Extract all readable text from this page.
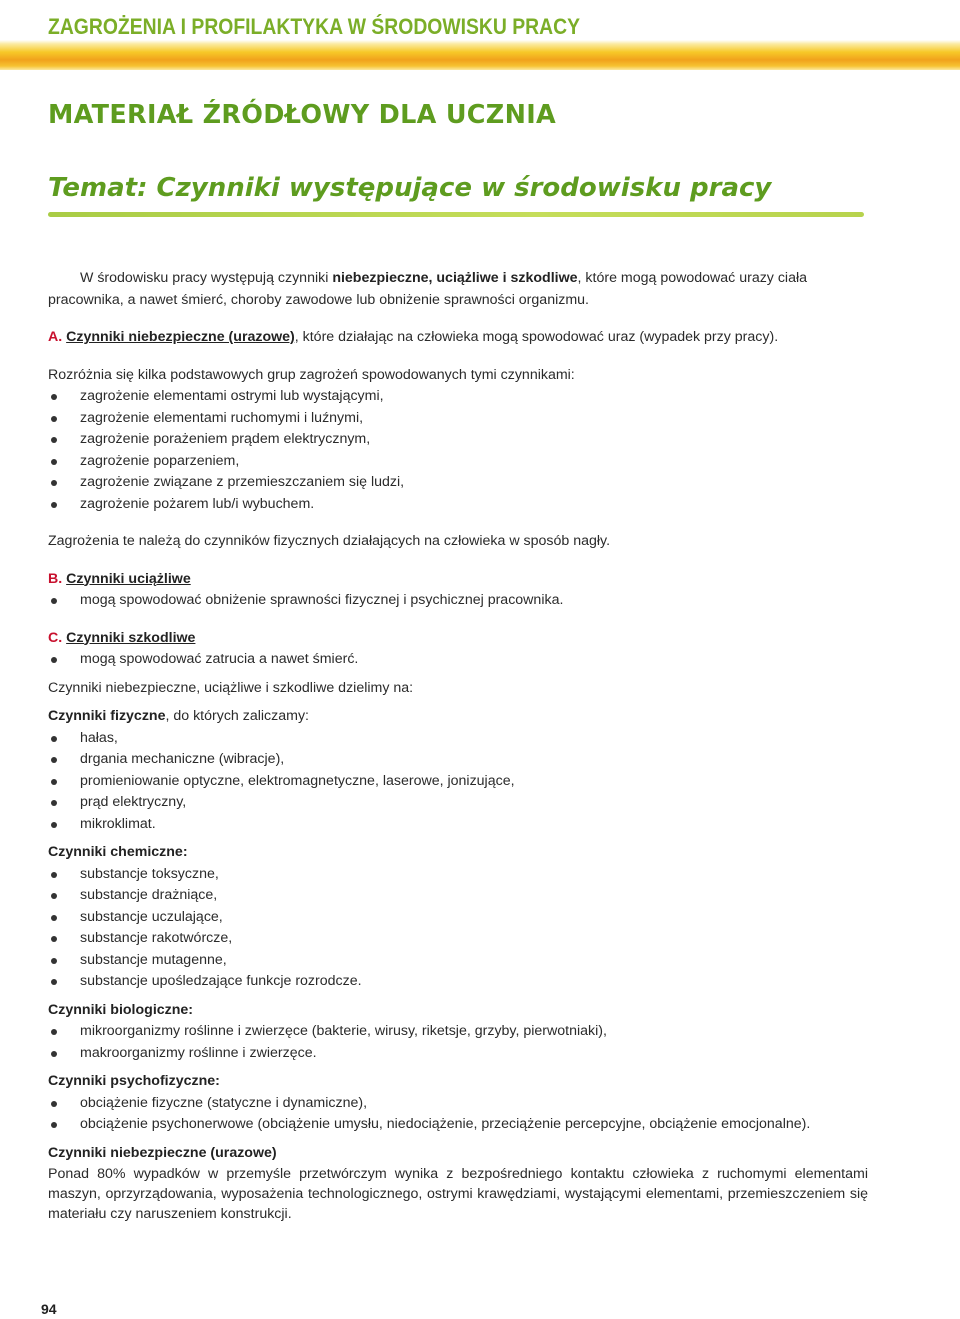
ZAGROŻENIA I PROFILAKTYKA W ŚRODOWISKU PRACY
MATERIAŁ ŹRÓDŁOWY DLA UCZNIA
Temat: Czynniki występujące w środowisku pracy

W środowisku pracy występują czynniki niebezpieczne, uciążliwe i szkodliwe, które mogą powodować urazy ciała pracownika, a nawet śmierć, choroby zawodowe lub obniżenie sprawności organizmu.

A. Czynniki niebezpieczne (urazowe), które działając na człowieka mogą spowodować uraz (wypadek przy pracy).

Rozróżnia się kilka podstawowych grup zagrożeń spowodowanych tymi czynnikami:

zagrożenie elementami ostrymi lub wystającymi,
zagrożenie elementami ruchomymi i luźnymi,
zagrożenie porażeniem prądem elektrycznym,
zagrożenie poparzeniem,
zagrożenie związane z przemieszczaniem się ludzi,
zagrożenie pożarem lub/i wybuchem.

Zagrożenia te należą do czynników fizycznych działających na człowieka w sposób nagły.

B. Czynniki uciążliwe

mogą spowodować obniżenie sprawności fizycznej i psychicznej pracownika.

C. Czynniki szkodliwe

mogą spowodować zatrucia a nawet śmierć.

Czynniki niebezpieczne, uciążliwe i szkodliwe dzielimy na:

Czynniki fizyczne, do których zaliczamy:

hałas,
drgania mechaniczne (wibracje),
promieniowanie optyczne, elektromagnetyczne, laserowe, jonizujące,
prąd elektryczny,
mikroklimat.

Czynniki chemiczne:

substancje toksyczne,
substancje drażniące,
substancje uczulające,
substancje rakotwórcze,
substancje mutagenne,
substancje upośledzające funkcje rozrodcze.

Czynniki biologiczne:

mikroorganizmy roślinne i zwierzęce (bakterie, wirusy, riketsje, grzyby, pierwotniaki),
makroorganizmy roślinne i zwierzęce.

Czynniki psychofizyczne:

obciążenie fizyczne (statyczne i dynamiczne),
obciążenie psychonerwowe (obciążenie umysłu, niedociążenie, przeciążenie percepcyjne, obciążenie emocjonalne).

Czynniki niebezpieczne (urazowe)

Ponad 80% wypadków w przemyśle przetwórczym wynika z bezpośredniego kontaktu człowieka z ruchomymi elementami maszyn, oprzyrządowania, wyposażenia technologicznego, ostrymi krawędziami, wystającymi elementami, przemieszczeniem się materiału czy naruszeniem konstrukcji.

94
